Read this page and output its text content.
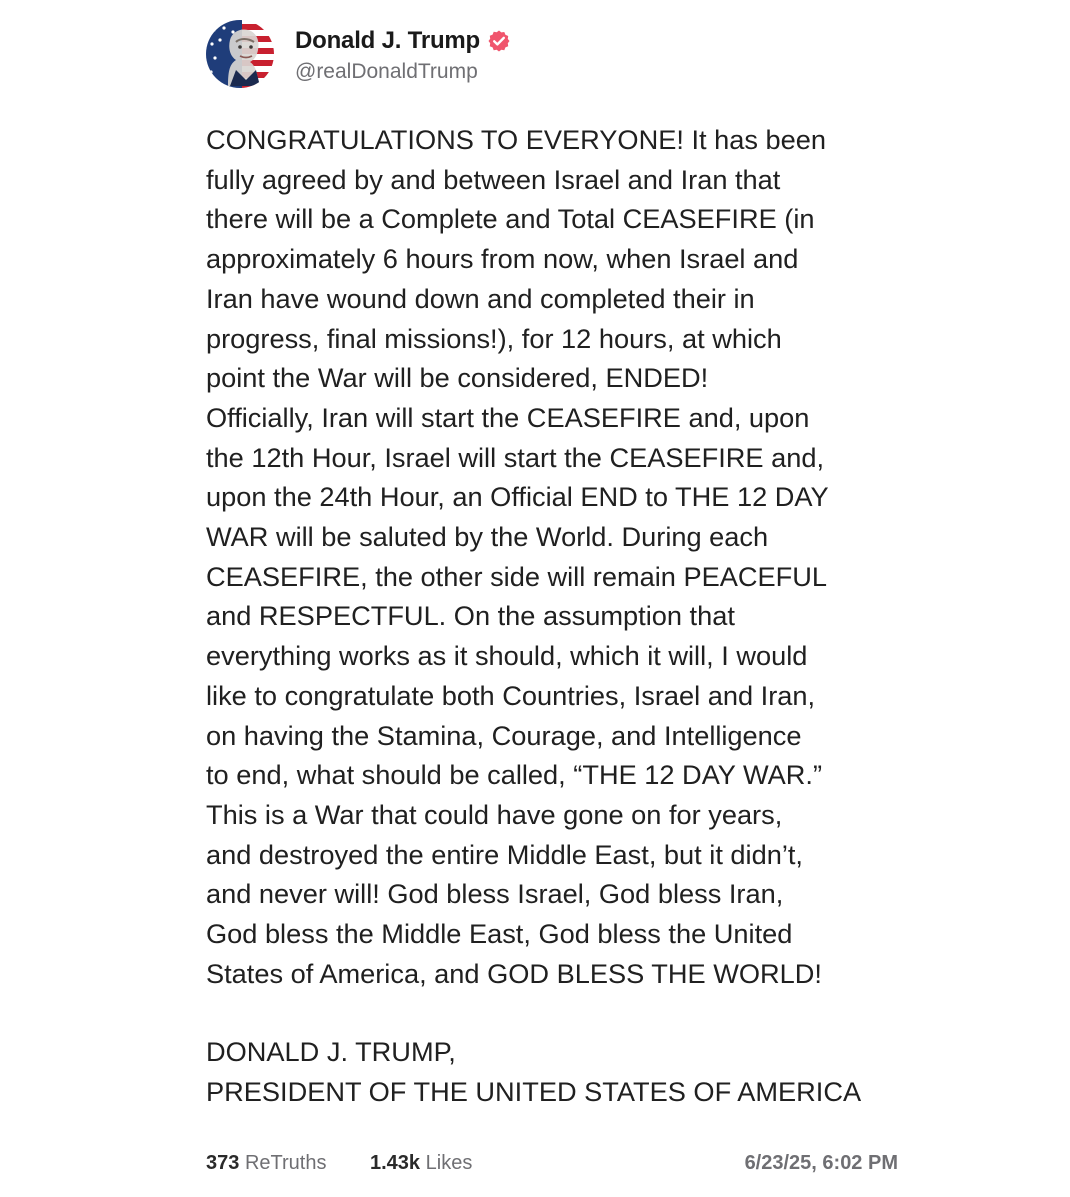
Donald J. Trump
@realDonaldTrump
CONGRATULATIONS TO EVERYONE! It has been
fully agreed by and between Israel and Iran that
there will be a Complete and Total CEASEFIRE (in
approximately 6 hours from now, when Israel and
Iran have wound down and completed their in
progress, final missions!), for 12 hours, at which
point the War will be considered, ENDED!
Officially, Iran will start the CEASEFIRE and, upon
the 12th Hour, Israel will start the CEASEFIRE and,
upon the 24th Hour, an Official END to THE 12 DAY
WAR will be saluted by the World. During each
CEASEFIRE, the other side will remain PEACEFUL
and RESPECTFUL. On the assumption that
everything works as it should, which it will, I would
like to congratulate both Countries, Israel and Iran,
on having the Stamina, Courage, and Intelligence
to end, what should be called, “THE 12 DAY WAR.”
This is a War that could have gone on for years,
and destroyed the entire Middle East, but it didn’t,
and never will! God bless Israel, God bless Iran,
God bless the Middle East, God bless the United
States of America, and GOD BLESS THE WORLD!
DONALD J. TRUMP,
PRESIDENT OF THE UNITED STATES OF AMERICA
373 ReTruths 1.43k Likes	6/23/25, 6:02 PM
